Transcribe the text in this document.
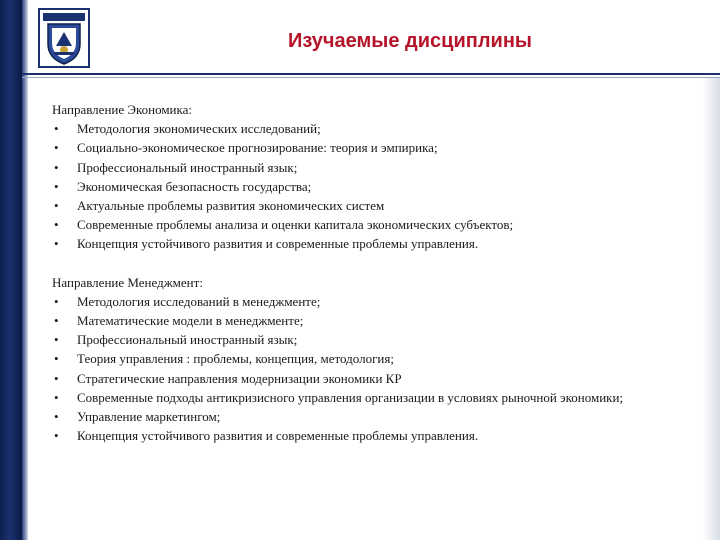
Изучаемые дисциплины

Направление Экономика:

• Методология экономических исследований;
• Социально-экономическое прогнозирование: теория и эмпирика;
• Профессиональный иностранный язык;
• Экономическая безопасность государства;
• Актуальные проблемы развития экономических систем
• Современные проблемы анализа и оценки капитала экономических субъектов;
• Концепция устойчивого развития и современные проблемы управления.

Направление Менеджмент:

• Методология исследований в менеджменте;
• Математические модели в менеджменте;
• Профессиональный иностранный язык;
• Теория управления : проблемы, концепция, методология;
• Стратегические направления модернизации экономики КР
• Современные подходы антикризисного управления организации в условиях рыночной экономики;
• Управление маркетингом;
• Концепция устойчивого развития и современные проблемы управления.
